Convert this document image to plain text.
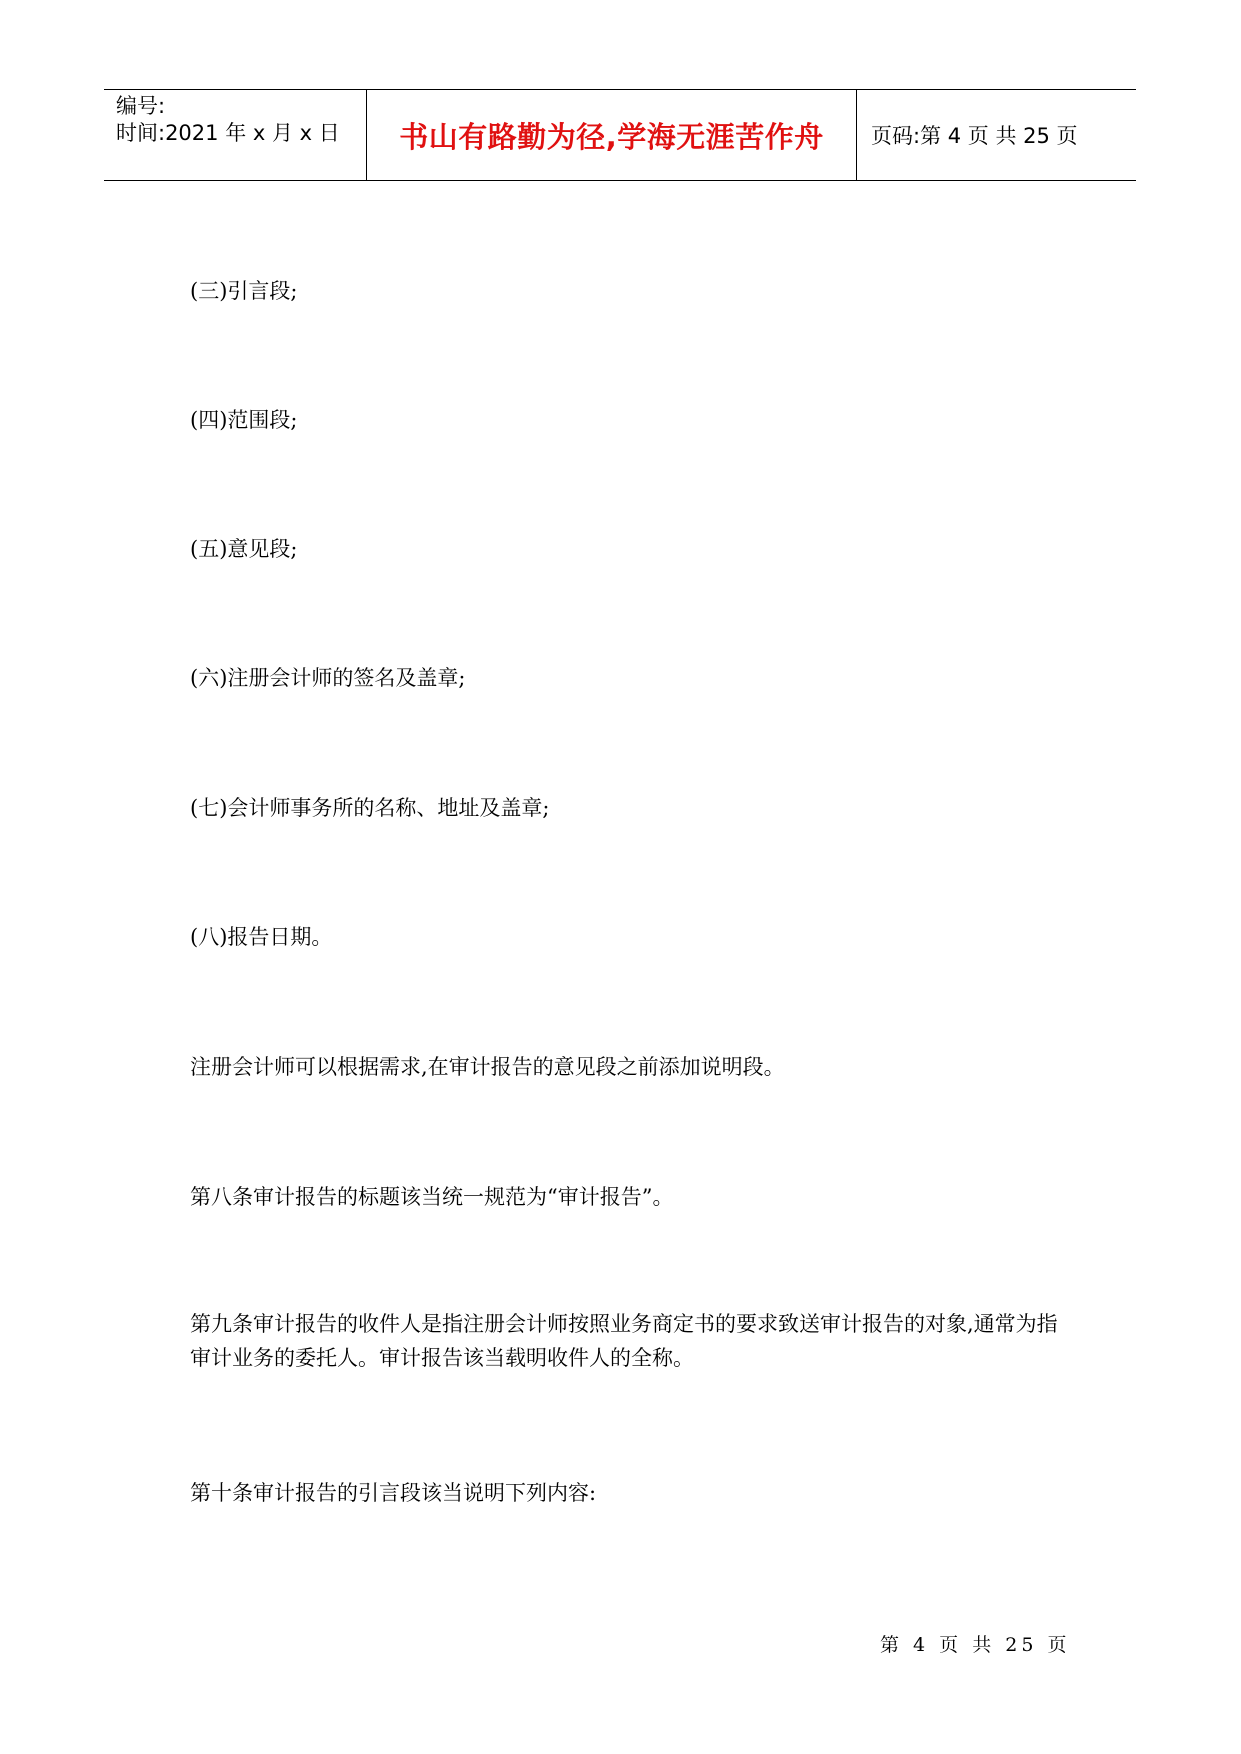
编号:
时间:2021 年 x 月 x 日	书山有路勤为径,学海无涯苦作舟	页码:第 4 页 共 25 页
(三)引言段;
(四)范围段;
(五)意见段;
(六)注册会计师的签名及盖章;
(七)会计师事务所的名称、地址及盖章;
(八)报告日期。
注册会计师可以根据需求,在审计报告的意见段之前添加说明段。
第八条审计报告的标题该当统一规范为“审计报告”。
第九条审计报告的收件人是指注册会计师按照业务商定书的要求致送审计报告的对象,通常为指审计业务的委托人。审计报告该当载明收件人的全称。
第十条审计报告的引言段该当说明下列内容:
第 4 页 共 25 页
